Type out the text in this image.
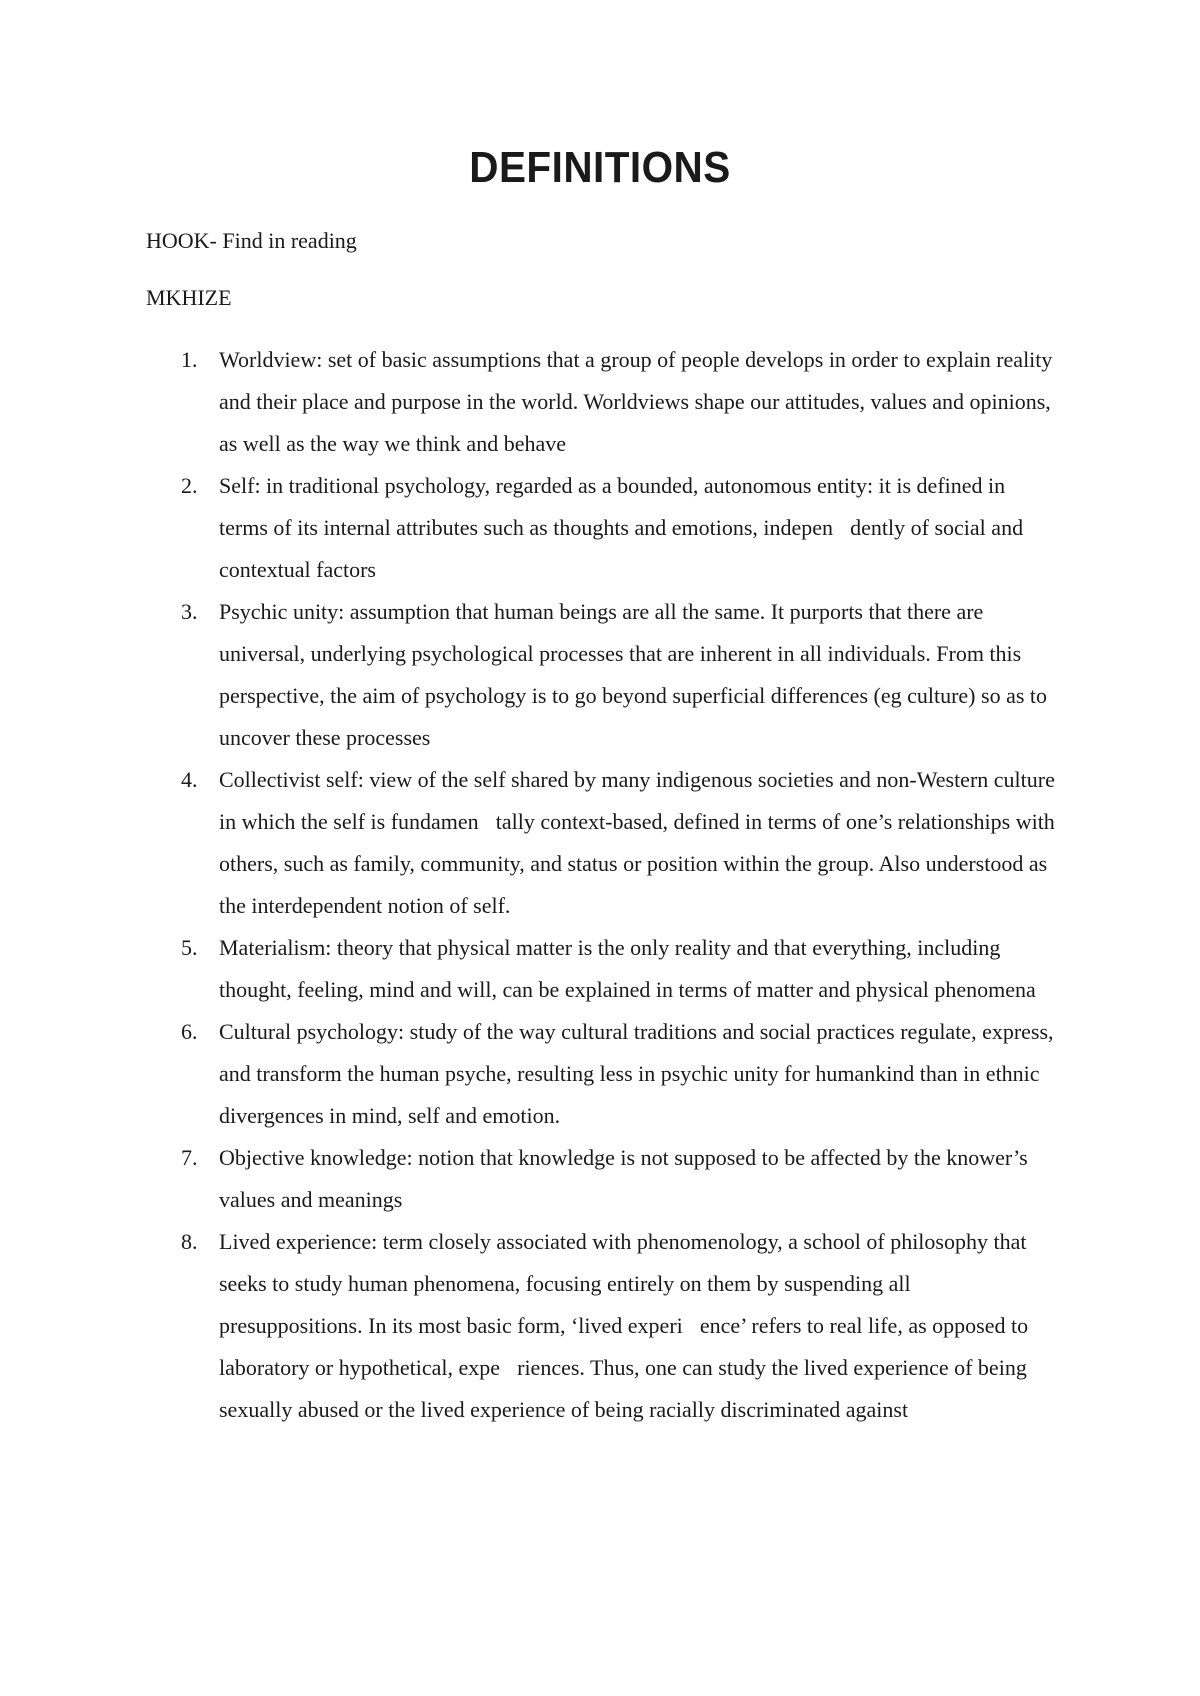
DEFINITIONS

HOOK- Find in reading

MKHIZE

1. Worldview: set of basic assumptions that a group of people develops in order to explain reality and their place and purpose in the world. Worldviews shape our attitudes, values and opinions, as well as the way we think and behave
2. Self: in traditional psychology, regarded as a bounded, autonomous entity: it is defined in terms of its internal attributes such as thoughts and emotions, indepen dently of social and contextual factors
3. Psychic unity: assumption that human beings are all the same. It purports that there are universal, underlying psychological processes that are inherent in all individuals. From this perspective, the aim of psychology is to go beyond superficial differences (eg culture) so as to uncover these processes
4. Collectivist self: view of the self shared by many indigenous societies and non-Western culture in which the self is fundamen tally context-based, defined in terms of one’s relationships with others, such as family, community, and status or position within the group. Also understood as the interdependent notion of self.
5. Materialism: theory that physical matter is the only reality and that everything, including thought, feeling, mind and will, can be explained in terms of matter and physical phenomena
6. Cultural psychology: study of the way cultural traditions and social practices regulate, express, and transform the human psyche, resulting less in psychic unity for humankind than in ethnic divergences in mind, self and emotion.
7. Objective knowledge: notion that knowledge is not supposed to be affected by the knower’s values and meanings
8. Lived experience: term closely associated with phenomenology, a school of philosophy that seeks to study human phenomena, focusing entirely on them by suspending all presuppositions. In its most basic form, ‘lived experi ence’ refers to real life, as opposed to laboratory or hypothetical, expe riences. Thus, one can study the lived experience of being sexually abused or the lived experience of being racially discriminated against
